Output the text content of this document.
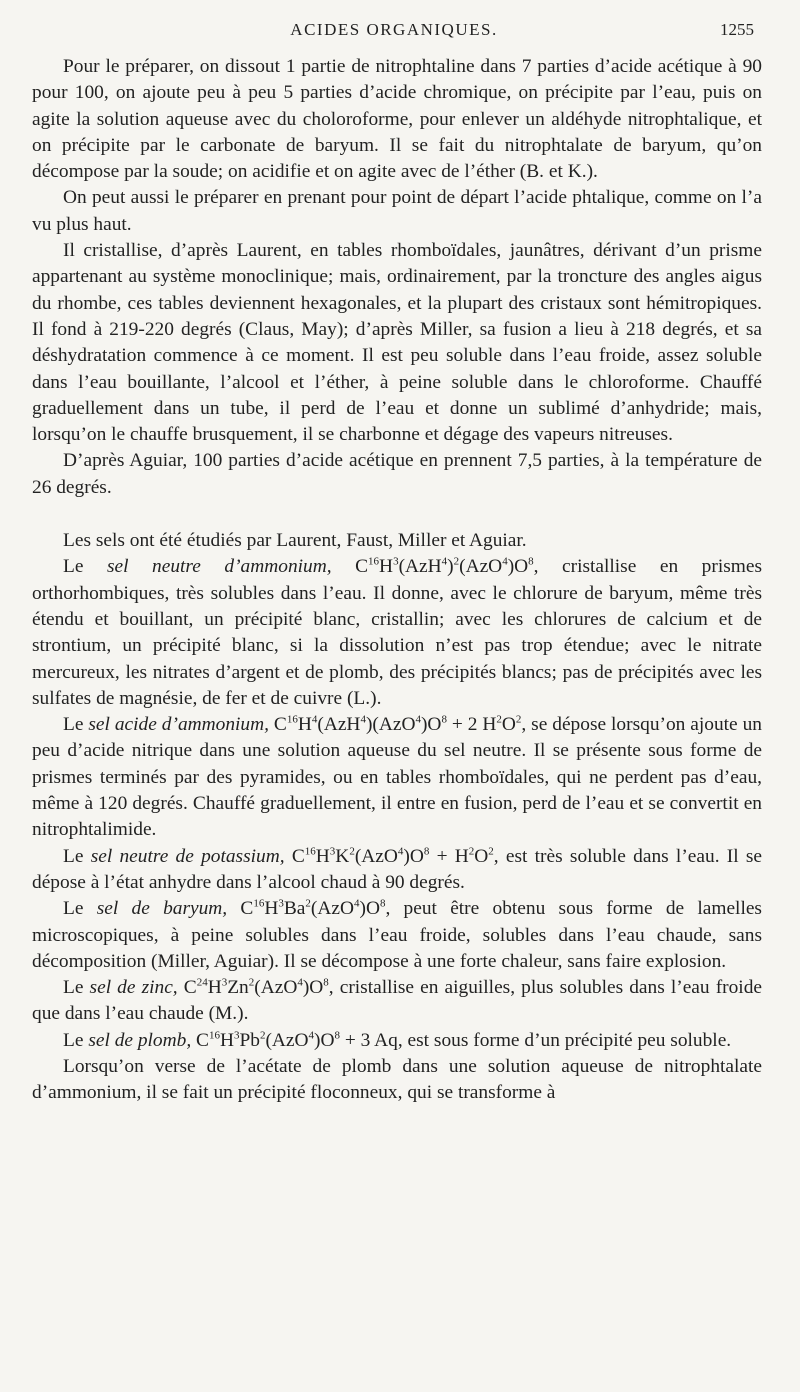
ACIDES ORGANIQUES.	1255

Pour le préparer, on dissout 1 partie de nitrophtaline dans 7 parties d’acide acétique à 90 pour 100, on ajoute peu à peu 5 parties d’acide chromique, on précipite par l’eau, puis on agite la solution aqueuse avec du choloroforme, pour enlever un aldéhyde nitrophtalique, et on précipite par le carbonate de baryum. Il se fait du nitrophtalate de baryum, qu’on décompose par la soude; on acidifie et on agite avec de l’éther (B. et K.).

On peut aussi le préparer en prenant pour point de départ l’acide phtalique, comme on l’a vu plus haut.

Il cristallise, d’après Laurent, en tables rhomboïdales, jaunâtres, dérivant d’un prisme appartenant au système monoclinique; mais, ordinairement, par la troncture des angles aigus du rhombe, ces tables deviennent hexagonales, et la plupart des cristaux sont hémitropiques. Il fond à 219-220 degrés (Claus, May); d’après Miller, sa fusion a lieu à 218 degrés, et sa déshydratation commence à ce moment. Il est peu soluble dans l’eau froide, assez soluble dans l’eau bouillante, l’alcool et l’éther, à peine soluble dans le chloroforme. Chauffé graduellement dans un tube, il perd de l’eau et donne un sublimé d’anhydride; mais, lorsqu’on le chauffe brusquement, il se charbonne et dégage des vapeurs nitreuses.

D’après Aguiar, 100 parties d’acide acétique en prennent 7,5 parties, à la température de 26 degrés.

Les sels ont été étudiés par Laurent, Faust, Miller et Aguiar.

Le sel neutre d’ammonium, $C^{16}H^3(AzH^4)^2(AzO^4)O^8$, cristallise en prismes orthorhombiques, très solubles dans l’eau. Il donne, avec le chlorure de baryum, même très étendu et bouillant, un précipité blanc, cristallin; avec les chlorures de calcium et de strontium, un précipité blanc, si la dissolution n’est pas trop étendue; avec le nitrate mercureux, les nitrates d’argent et de plomb, des précipités blancs; pas de précipités avec les sulfates de magnésie, de fer et de cuivre (L.).

Le sel acide d’ammonium, $C^{16}H^4(AzH^4)(AzO^4)O^8 + 2$ $H^2O^2$, se dépose lorsqu’on ajoute un peu d’acide nitrique dans une solution aqueuse du sel neutre. Il se présente sous forme de prismes terminés par des pyramides, ou en tables rhomboïdales, qui ne perdent pas d’eau, même à 120 degrés. Chauffé graduellement, il entre en fusion, perd de l’eau et se convertit en nitrophtalimide.

Le sel neutre de potassium, $C^{16}H^3K^2(AzO^4)O^8 + H^2O^2$, est très soluble dans l’eau. Il se dépose à l’état anhydre dans l’alcool chaud à 90 degrés.

Le sel de baryum, $C^{16}H^3Ba^2(AzO^4)O^8$, peut être obtenu sous forme de lamelles microscopiques, à peine solubles dans l’eau froide, solubles dans l’eau chaude, sans décomposition (Miller, Aguiar). Il se décompose à une forte chaleur, sans faire explosion.

Le sel de zinc, $C^{24}H^3Zn^2(AzO^4)O^8$, cristallise en aiguilles, plus solubles dans l’eau froide que dans l’eau chaude (M.).

Le sel de plomb, $C^{16}H^3Pb^2(AzO^4)O^8 + 3$ Aq, est sous forme d’un précipité peu soluble.

Lorsqu’on verse de l’acétate de plomb dans une solution aqueuse de nitrophtalate d’ammonium, il se fait un précipité floconneux, qui se transforme à
